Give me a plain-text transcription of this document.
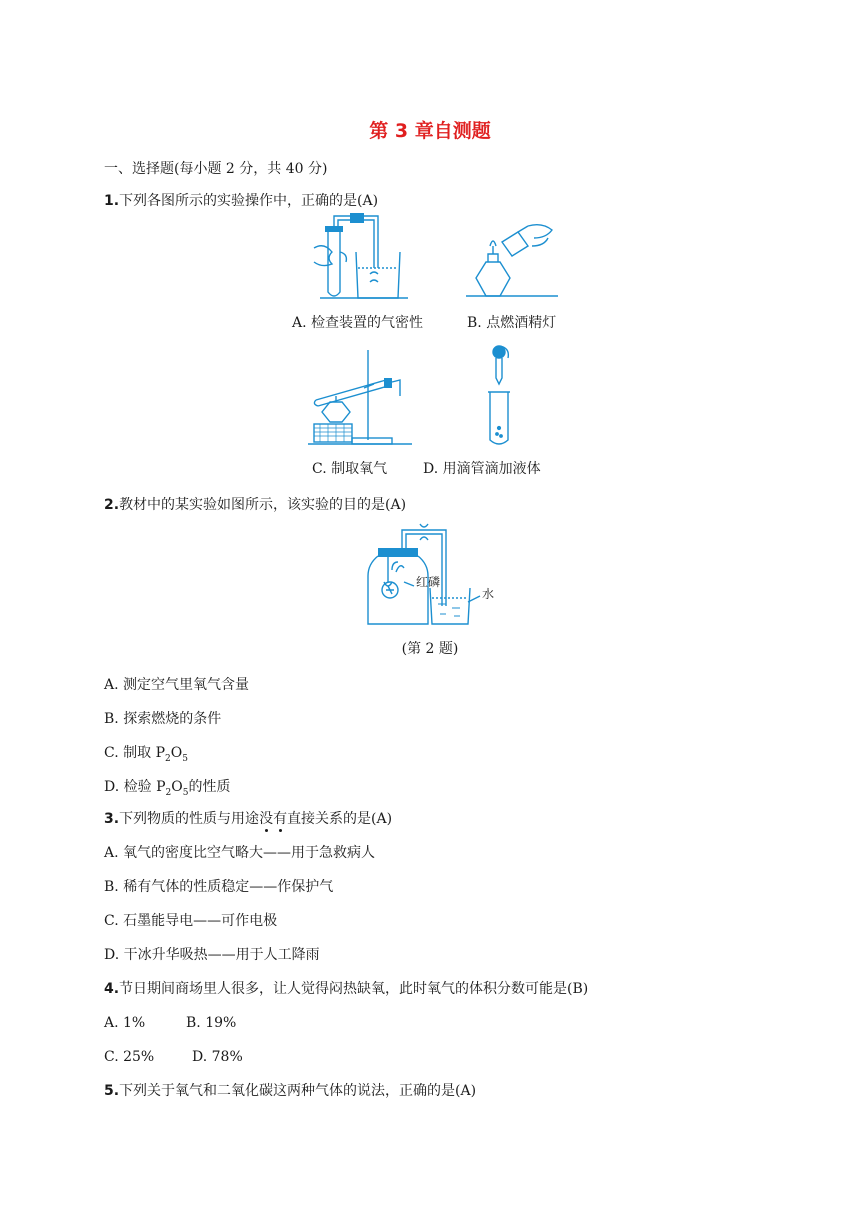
第 3 章自测题
一、选择题(每小题 2 分，共 40 分)
1.下列各图所示的实验操作中，正确的是(A)
A. 检查装置的气密性	B. 点燃酒精灯
C. 制取氧气	D. 用滴管滴加液体
2.教材中的某实验如图所示，该实验的目的是(A)
红磷
水
(第 2 题)
A. 测定空气里氧气含量
B. 探索燃烧的条件
C. 制取 $P_2O_5$
D. 检验 $P_2O_5$的性质
3.下列物质的性质与用途没有直接关系的是(A)
A. 氧气的密度比空气略大——用于急救病人
B. 稀有气体的性质稳定——作保护气
C. 石墨能导电——可作电极
D. 干冰升华吸热——用于人工降雨
4.节日期间商场里人很多，让人觉得闷热缺氧，此时氧气的体积分数可能是(B)
A. 1%	B. 19%
C. 25%	D. 78%
5.下列关于氧气和二氧化碳这两种气体的说法，正确的是(A)
